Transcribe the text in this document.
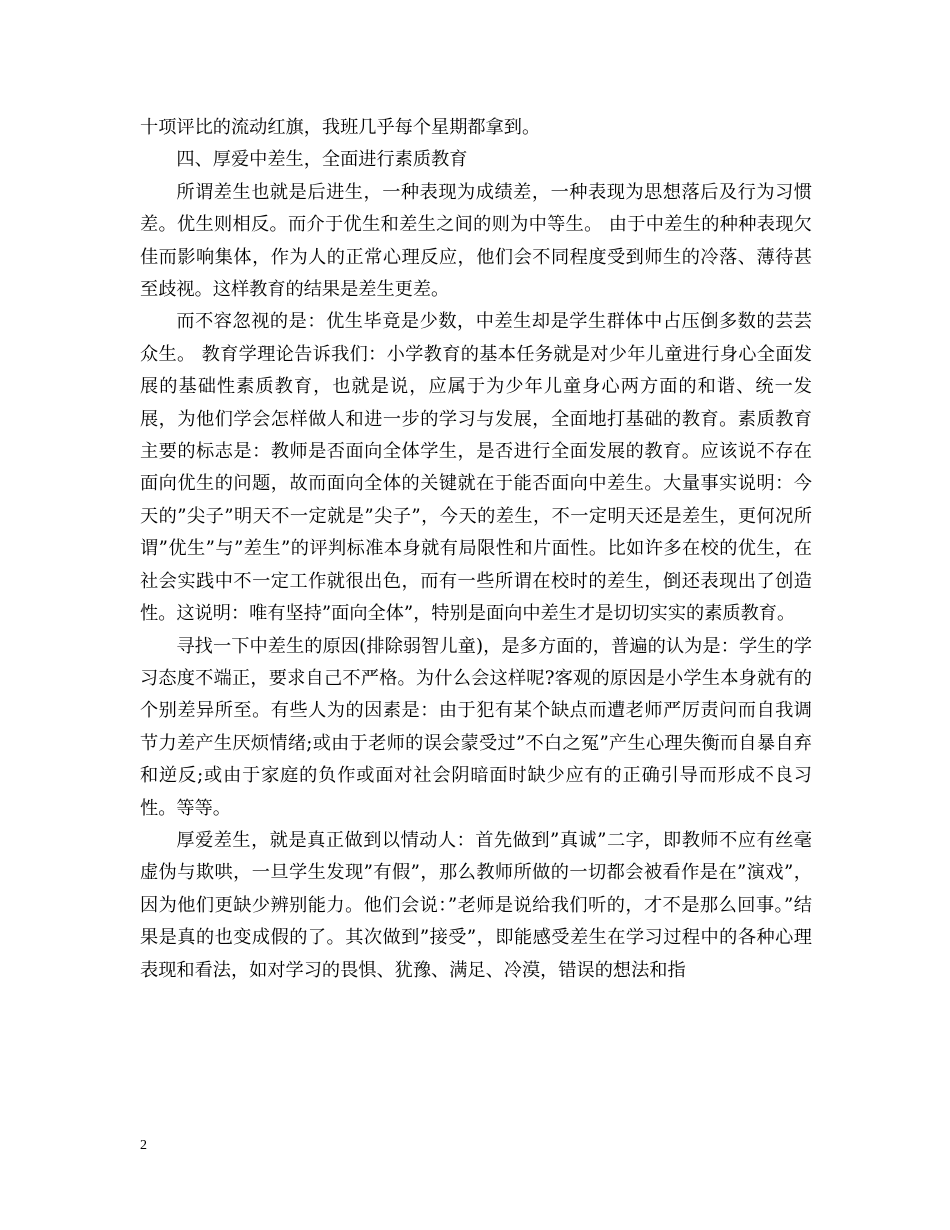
十项评比的流动红旗，我班几乎每个星期都拿到。

四、厚爱中差生，全面进行素质教育

所谓差生也就是后进生，一种表现为成绩差，一种表现为思想落后及行为习惯差。优生则相反。而介于优生和差生之间的则为中等生。 由于中差生的种种表现欠佳而影响集体，作为人的正常心理反应，他们会不同程度受到师生的冷落、薄待甚至歧视。这样教育的结果是差生更差。

而不容忽视的是：优生毕竟是少数，中差生却是学生群体中占压倒多数的芸芸众生。 教育学理论告诉我们：小学教育的基本任务就是对少年儿童进行身心全面发展的基础性素质教育，也就是说，应属于为少年儿童身心两方面的和谐、统一发展，为他们学会怎样做人和进一步的学习与发展，全面地打基础的教育。素质教育主要的标志是：教师是否面向全体学生，是否进行全面发展的教育。应该说不存在面向优生的问题，故而面向全体的关键就在于能否面向中差生。大量事实说明：今天的”尖子”明天不一定就是”尖子”，今天的差生，不一定明天还是差生，更何况所谓”优生”与”差生”的评判标准本身就有局限性和片面性。比如许多在校的优生，在社会实践中不一定工作就很出色，而有一些所谓在校时的差生，倒还表现出了创造性。这说明：唯有坚持”面向全体”，特别是面向中差生才是切切实实的素质教育。

寻找一下中差生的原因(排除弱智儿童)，是多方面的，普遍的认为是：学生的学习态度不端正，要求自己不严格。为什么会这样呢?客观的原因是小学生本身就有的个别差异所至。有些人为的因素是：由于犯有某个缺点而遭老师严厉责问而自我调节力差产生厌烦情绪;或由于老师的误会蒙受过”不白之冤”产生心理失衡而自暴自弃和逆反;或由于家庭的负作或面对社会阴暗面时缺少应有的正确引导而形成不良习性。等等。

厚爱差生，就是真正做到以情动人：首先做到”真诚”二字，即教师不应有丝毫虚伪与欺哄，一旦学生发现”有假”，那么教师所做的一切都会被看作是在”演戏”，因为他们更缺少辨别能力。他们会说：”老师是说给我们听的，才不是那么回事。”结果是真的也变成假的了。其次做到”接受”，即能感受差生在学习过程中的各种心理表现和看法，如对学习的畏惧、犹豫、满足、冷漠，错误的想法和指

2
